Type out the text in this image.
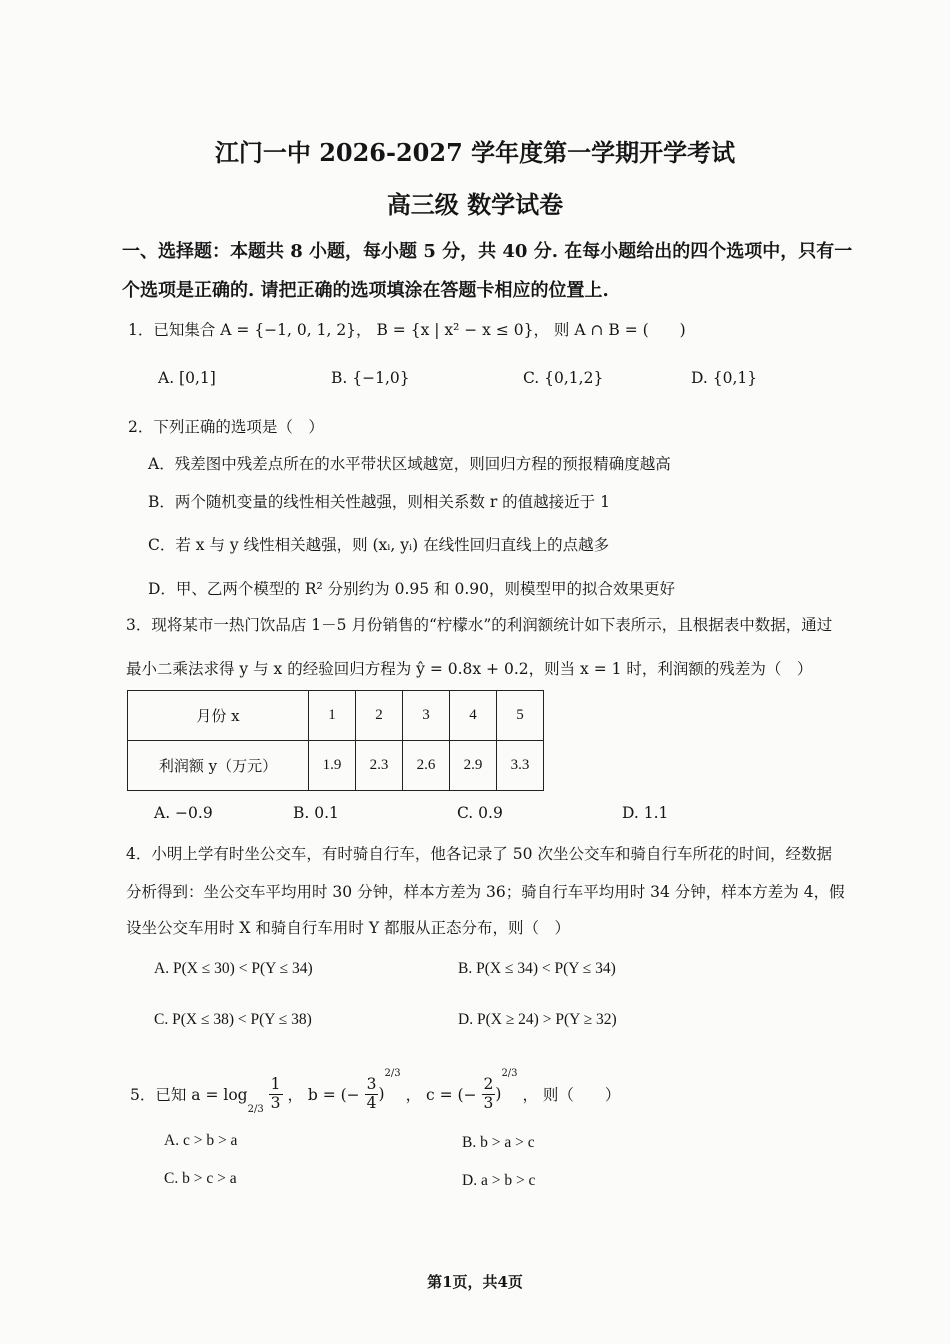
江门一中 2026-2027 学年度第一学期开学考试
高三级 数学试卷
一、选择题：本题共 8 小题，每小题 5 分，共 40 分. 在每小题给出的四个选项中，只有一
个选项是正确的. 请把正确的选项填涂在答题卡相应的位置上.
1．已知集合 A = {−1, 0, 1, 2}， B = {x | x² − x ≤ 0}， 则 A ∩ B = (　　)
A. [0,1]	B. {−1,0}	C. {0,1,2}	D. {0,1}
2．下列正确的选项是（　）
A．残差图中残差点所在的水平带状区域越宽，则回归方程的预报精确度越高
B．两个随机变量的线性相关性越强，则相关系数 r 的值越接近于 1
C．若 x 与 y 线性相关越强，则 (xᵢ, yᵢ) 在线性回归直线上的点越多
D．甲、乙两个模型的 R² 分别约为 0.95 和 0.90，则模型甲的拟合效果更好
3．现将某市一热门饮品店 1－5 月份销售的“柠檬水”的利润额统计如下表所示，且根据表中数据，通过
最小二乘法求得 y 与 x 的经验回归方程为 ŷ = 0.8x + 0.2，则当 x = 1 时，利润额的残差为（　）
月份 x	1	2	3	4	5
利润额 y（万元）	1.9	2.3	2.6	2.9	3.3
A. −0.9	B. 0.1	C. 0.9	D. 1.1
4．小明上学有时坐公交车，有时骑自行车，他各记录了 50 次坐公交车和骑自行车所花的时间，经数据
分析得到：坐公交车平均用时 30 分钟，样本方差为 36；骑自行车平均用时 34 分钟，样本方差为 4，假
设坐公交车用时 X 和骑自行车用时 Y 都服从正态分布，则（　）
A. P(X ≤ 30) < P(Y ≤ 34)	B. P(X ≤ 34) < P(Y ≤ 34)
C. P(X ≤ 38) < P(Y ≤ 38)	D. P(X ≥ 24) > P(Y ≥ 32)
5．已知 $a = \log 2/3 \frac{1}{3}$ ， b = (− $\frac{3}{4} )2/3$ ， c = (− $\frac{2}{3} )2/3$ ， 则（　　）
A. c > b > a	B. b > a > c
C. b > c > a	D. a > b > c
第1页，共4页
